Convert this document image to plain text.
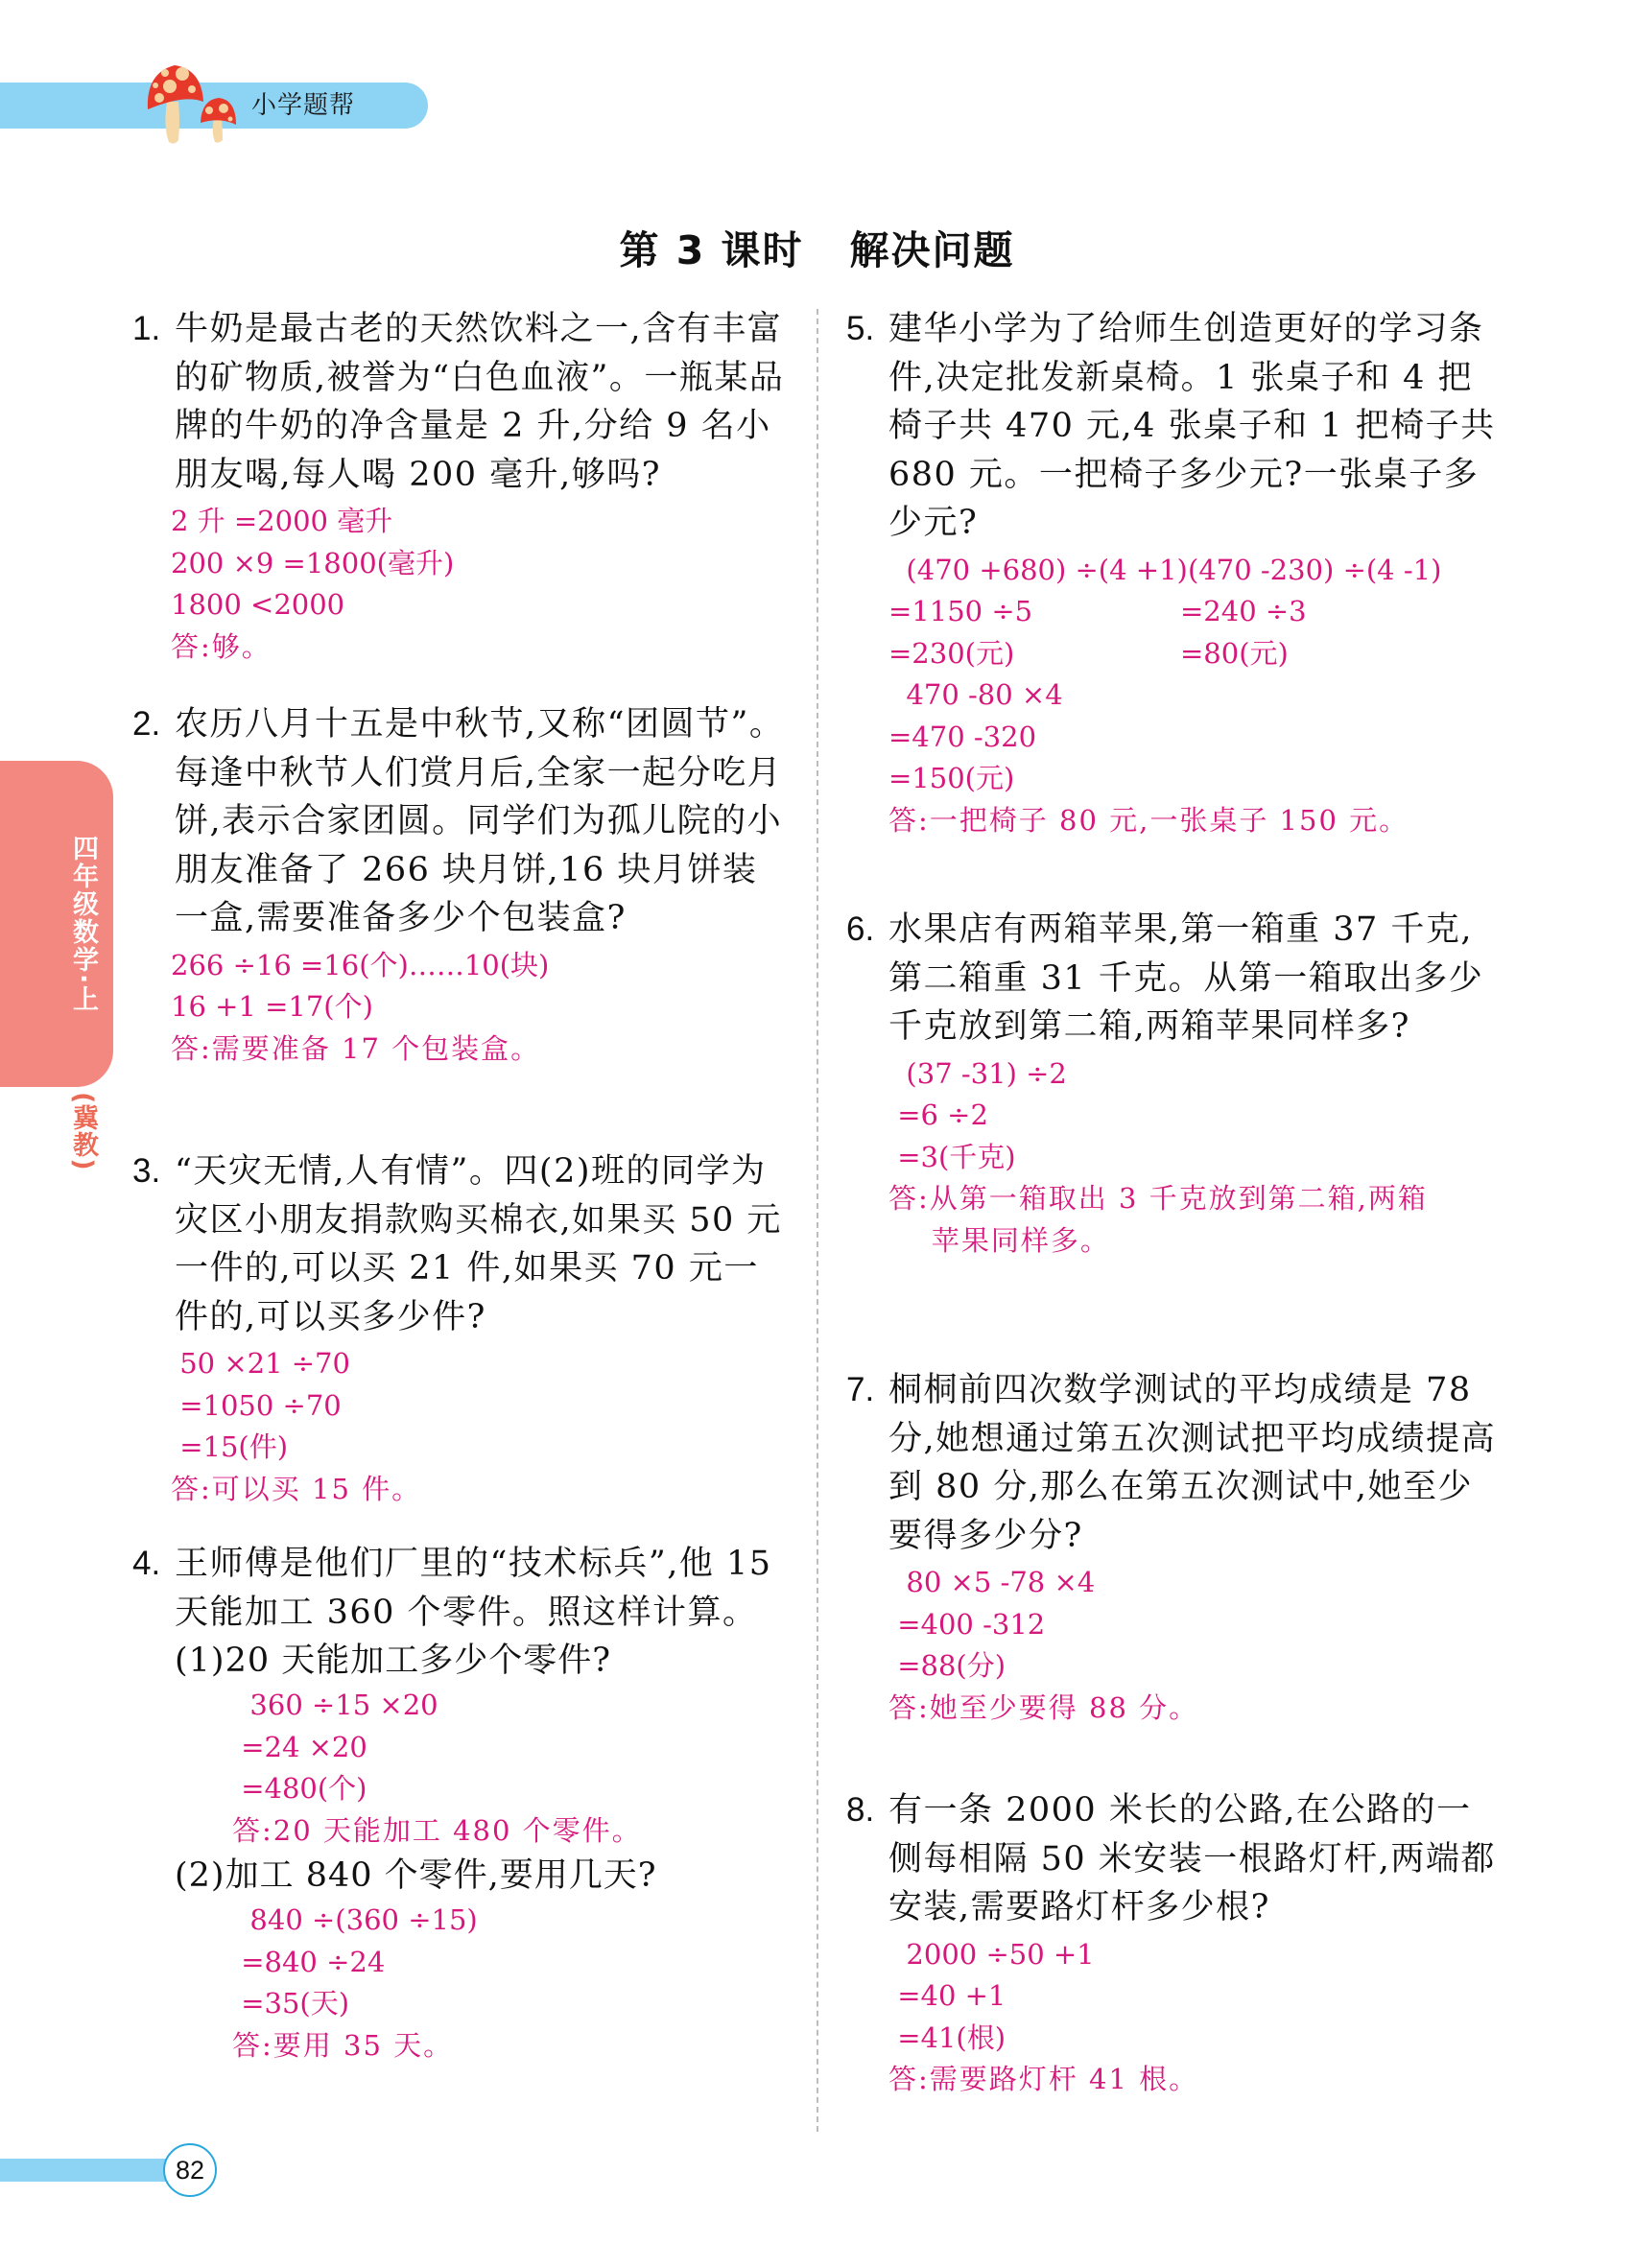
小学题帮
第 3 课时 解决问题
四年级数学·上
(冀教)
1. 牛奶是最古老的天然饮料之一,含有丰富的矿物质,被誉为“白色血液”。一瓶某品牌的牛奶的净含量是 2 升,分给 9 名小朋友喝,每人喝 200 毫升,够吗?
2 升 =2000 毫升
200 ×9 =1800(毫升)
1800 <2000
答:够。
2. 农历八月十五是中秋节,又称“团圆节”。每逢中秋节人们赏月后,全家一起分吃月饼,表示合家团圆。同学们为孤儿院的小朋友准备了 266 块月饼,16 块月饼装一盒,需要准备多少个包装盒?
266 ÷16 =16(个)……10(块)
16 +1 =17(个)
答:需要准备 17 个包装盒。
3. “天灾无情,人有情”。四(2)班的同学为灾区小朋友捐款购买棉衣,如果买 50 元一件的,可以买 21 件,如果买 70 元一件的,可以买多少件?
50 ×21 ÷70
=1050 ÷70
=15(件)
答:可以买 15 件。
4. 王师傅是他们厂里的“技术标兵”,他 15 天能加工 360 个零件。照这样计算。
(1)20 天能加工多少个零件?
360 ÷15 ×20
=24 ×20
=480(个)
答:20 天能加工 480 个零件。
(2)加工 840 个零件,要用几天?
840 ÷(360 ÷15)
=840 ÷24
=35(天)
答:要用 35 天。
5. 建华小学为了给师生创造更好的学习条件,决定批发新桌椅。1 张桌子和 4 把椅子共 470 元,4 张桌子和 1 把椅子共 680 元。一把椅子多少元?一张桌子多少元?
(470 +680) ÷(4 +1)
=1150 ÷5
=230(元)
(470 -230) ÷(4 -1)
=240 ÷3
=80(元)
470 -80 ×4
=470 -320
=150(元)
答:一把椅子 80 元,一张桌子 150 元。
6. 水果店有两箱苹果,第一箱重 37 千克,第二箱重 31 千克。从第一箱取出多少千克放到第二箱,两箱苹果同样多?
(37 -31) ÷2
=6 ÷2
=3(千克)
答:从第一箱取出 3 千克放到第二箱,两箱
苹果同样多。
7. 桐桐前四次数学测试的平均成绩是 78 分,她想通过第五次测试把平均成绩提高到 80 分,那么在第五次测试中,她至少要得多少分?
80 ×5 -78 ×4
=400 -312
=88(分)
答:她至少要得 88 分。
8. 有一条 2000 米长的公路,在公路的一侧每相隔 50 米安装一根路灯杆,两端都安装,需要路灯杆多少根?
2000 ÷50 +1
=40 +1
=41(根)
答:需要路灯杆 41 根。
82
